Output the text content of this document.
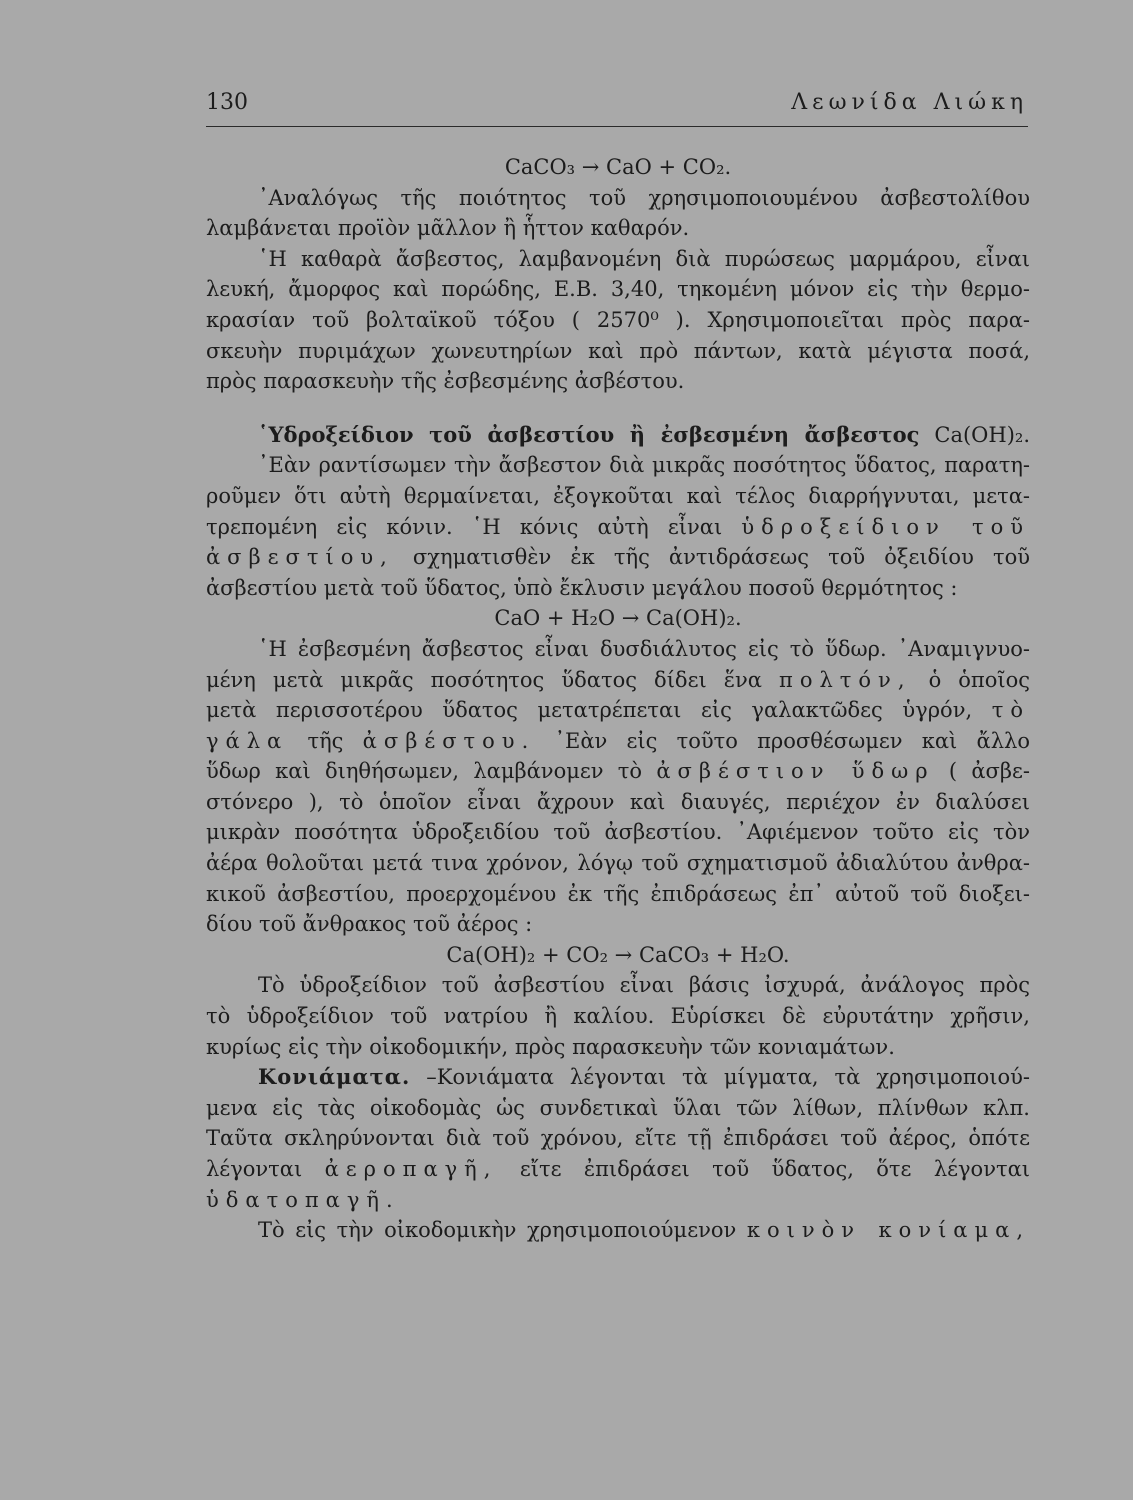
130	Λεωνίδα Λιώκη
CaCO₃ → CaO + CO₂.
᾿Αναλόγως τῆς ποιότητος τοῦ χρησιμοποιουμένου ἀσβεστολίθου
λαμβάνεται προϊὸν μᾶλλον ἢ ἧττον καθαρόν.
῾Η καθαρὰ ἄσβεστος, λαμβανομένη διὰ πυρώσεως μαρμάρου, εἶναι
λευκή, ἄμορφος καὶ πορώδης, Ε.Β. 3,40, τηκομένη μόνον εἰς τὴν θερμο-
κρασίαν τοῦ βολταϊκοῦ τόξου ( 2570⁰ ). Χρησιμοποιεῖται πρὸς παρα-
σκευὴν πυριμάχων χωνευτηρίων καὶ πρὸ πάντων, κατὰ μέγιστα ποσά,
πρὸς παρασκευὴν τῆς ἐσβεσμένης ἀσβέστου.
῾Υδροξείδιον τοῦ ἀσβεστίου ἢ ἐσβεσμένη ἄσβεστος Ca(OH)₂.
᾿Εὰν ραντίσωμεν τὴν ἄσβεστον διὰ μικρᾶς ποσότητος ὕδατος, παρατη-
ροῦμεν ὅτι αὐτὴ θερμαίνεται, ἐξογκοῦται καὶ τέλος διαρρήγνυται, μετα-
τρεπομένη εἰς κόνιν. ῾Η κόνις αὐτὴ εἶναι ὑδροξείδιον τοῦ
ἀσβεστίου, σχηματισθὲν ἐκ τῆς ἀντιδράσεως τοῦ ὀξειδίου τοῦ
ἀσβεστίου μετὰ τοῦ ὕδατος, ὑπὸ ἔκλυσιν μεγάλου ποσοῦ θερμότητος :
CaO + H₂O → Ca(OH)₂.
῾Η ἐσβεσμένη ἄσβεστος εἶναι δυσδιάλυτος εἰς τὸ ὕδωρ. ᾿Αναμιγνυο-
μένη μετὰ μικρᾶς ποσότητος ὕδατος δίδει ἕνα πολτόν, ὁ ὁποῖος
μετὰ περισσοτέρου ὕδατος μετατρέπεται εἰς γαλακτῶδες ὑγρόν, τὸ
γάλα τῆς ἀσβέστου. ᾿Εὰν εἰς τοῦτο προσθέσωμεν καὶ ἄλλο
ὕδωρ καὶ διηθήσωμεν, λαμβάνομεν τὸ ἀσβέστιον ὕδωρ ( ἀσβε-
στόνερο ), τὸ ὁποῖον εἶναι ἄχρουν καὶ διαυγές, περιέχον ἐν διαλύσει
μικρὰν ποσότητα ὑδροξειδίου τοῦ ἀσβεστίου. ᾿Αφιέμενον τοῦτο εἰς τὸν
ἀέρα θολοῦται μετά τινα χρόνον, λόγῳ τοῦ σχηματισμοῦ ἀδιαλύτου ἀνθρα-
κικοῦ ἀσβεστίου, προερχομένου ἐκ τῆς ἐπιδράσεως ἐπ᾿ αὐτοῦ τοῦ διοξει-
δίου τοῦ ἄνθρακος τοῦ ἀέρος :
Ca(OH)₂ + CO₂ → CaCO₃ + H₂O.
Τὸ ὑδροξείδιον τοῦ ἀσβεστίου εἶναι βάσις ἰσχυρά, ἀνάλογος πρὸς
τὸ ὑδροξείδιον τοῦ νατρίου ἢ καλίου. Εὑρίσκει δὲ εὐρυτάτην χρῆσιν,
κυρίως εἰς τὴν οἰκοδομικήν, πρὸς παρασκευὴν τῶν κονιαμάτων.
Κονιάματα. –Κονιάματα λέγονται τὰ μίγματα, τὰ χρησιμοποιού-
μενα εἰς τὰς οἰκοδομὰς ὡς συνδετικαὶ ὕλαι τῶν λίθων, πλίνθων κλπ.
Ταῦτα σκληρύνονται διὰ τοῦ χρόνου, εἴτε τῇ ἐπιδράσει τοῦ ἀέρος, ὁπότε
λέγονται ἀεροπαγῆ, εἴτε ἐπιδράσει τοῦ ὕδατος, ὅτε λέγονται
ὑδατοπαγῆ.
Τὸ εἰς τὴν οἰκοδομικὴν χρησιμοποιούμενον κοινὸν κονίαμα,
